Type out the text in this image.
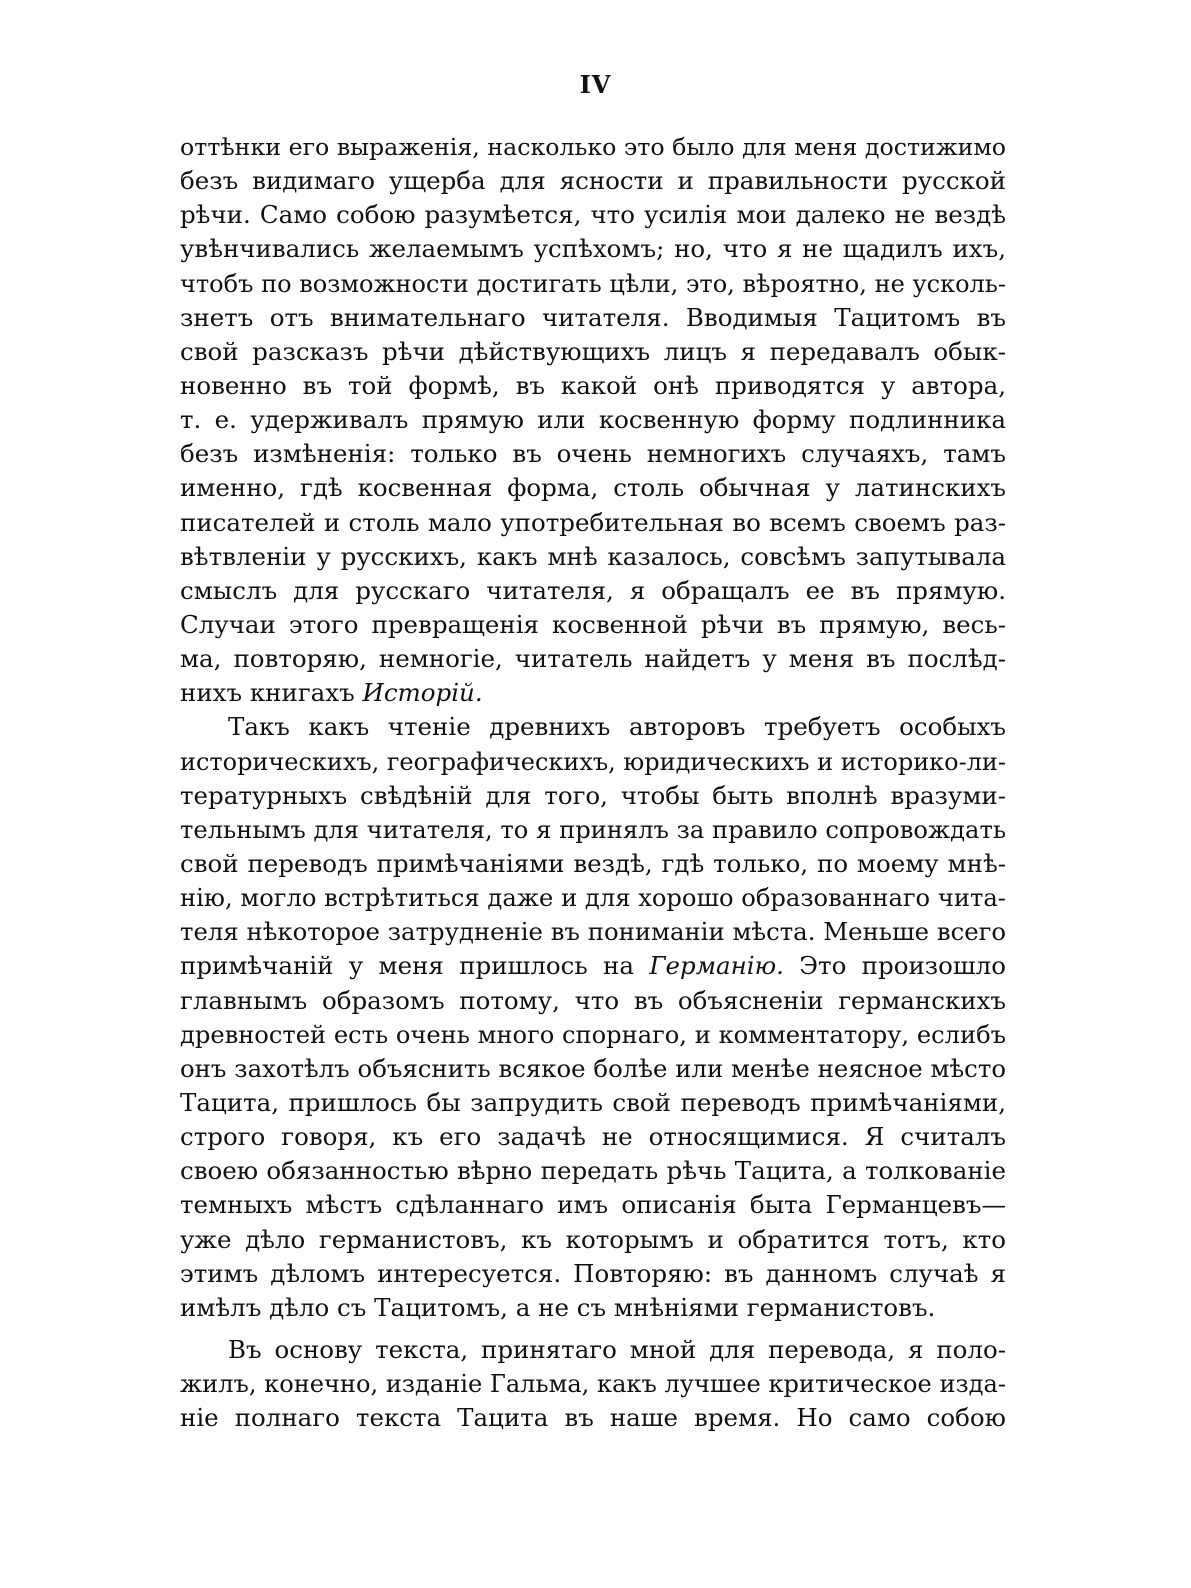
IV
оттѣнки его выраженія, насколько это было для меня достижимо
безъ видимаго ущерба для ясности и правильности русской
рѣчи. Само собою разумѣется, что усилія мои далеко не вездѣ
увѣнчивались желаемымъ успѣхомъ; но, что я не щадилъ ихъ,
чтобъ по возможности достигать цѣли, это, вѣроятно, не усколь-
знетъ отъ внимательнаго читателя. Вводимыя Тацитомъ въ
свой разсказъ рѣчи дѣйствующихъ лицъ я передавалъ обык-
новенно въ той формѣ, въ какой онѣ приводятся у автора,
т. е. удерживалъ прямую или косвенную форму подлинника
безъ измѣненія: только въ очень немногихъ случаяхъ, тамъ
именно, гдѣ косвенная форма, столь обычная у латинскихъ
писателей и столь мало употребительная во всемъ своемъ раз-
вѣтвленіи у русскихъ, какъ мнѣ казалось, совсѣмъ запутывала
смыслъ для русскаго читателя, я обращалъ ее въ прямую.
Случаи этого превращенія косвенной рѣчи въ прямую, весь-
ма, повторяю, немногіе, читатель найдетъ у меня въ послѣд-
нихъ книгахъ Исторій.
Такъ какъ чтеніе древнихъ авторовъ требуетъ особыхъ
историческихъ, географическихъ, юридическихъ и историко-ли-
тературныхъ свѣдѣній для того, чтобы быть вполнѣ вразуми-
тельнымъ для читателя, то я принялъ за правило сопровождать
свой переводъ примѣчаніями вездѣ, гдѣ только, по моему мнѣ-
нію, могло встрѣтиться даже и для хорошо образованнаго чита-
теля нѣкоторое затрудненіе въ пониманіи мѣста. Меньше всего
примѣчаній у меня пришлось на Германію. Это произошло
главнымъ образомъ потому, что въ объясненіи германскихъ
древностей есть очень много спорнаго, и комментатору, еслибъ
онъ захотѣлъ объяснить всякое болѣе или менѣе неясное мѣсто
Тацита, пришлось бы запрудить свой переводъ примѣчаніями,
строго говоря, къ его задачѣ не относящимися. Я считалъ
своею обязанностью вѣрно передать рѣчь Тацита, а толкованіе
темныхъ мѣстъ сдѣланнаго имъ описанія быта Германцевъ—
уже дѣло германистовъ, къ которымъ и обратится тотъ, кто
этимъ дѣломъ интересуется. Повторяю: въ данномъ случаѣ я
имѣлъ дѣло съ Тацитомъ, а не съ мнѣніями германистовъ.
Въ основу текста, принятаго мной для перевода, я поло-
жилъ, конечно, изданіе Гальма, какъ лучшее критическое изда-
ніе полнаго текста Тацита въ наше время. Но само собою
